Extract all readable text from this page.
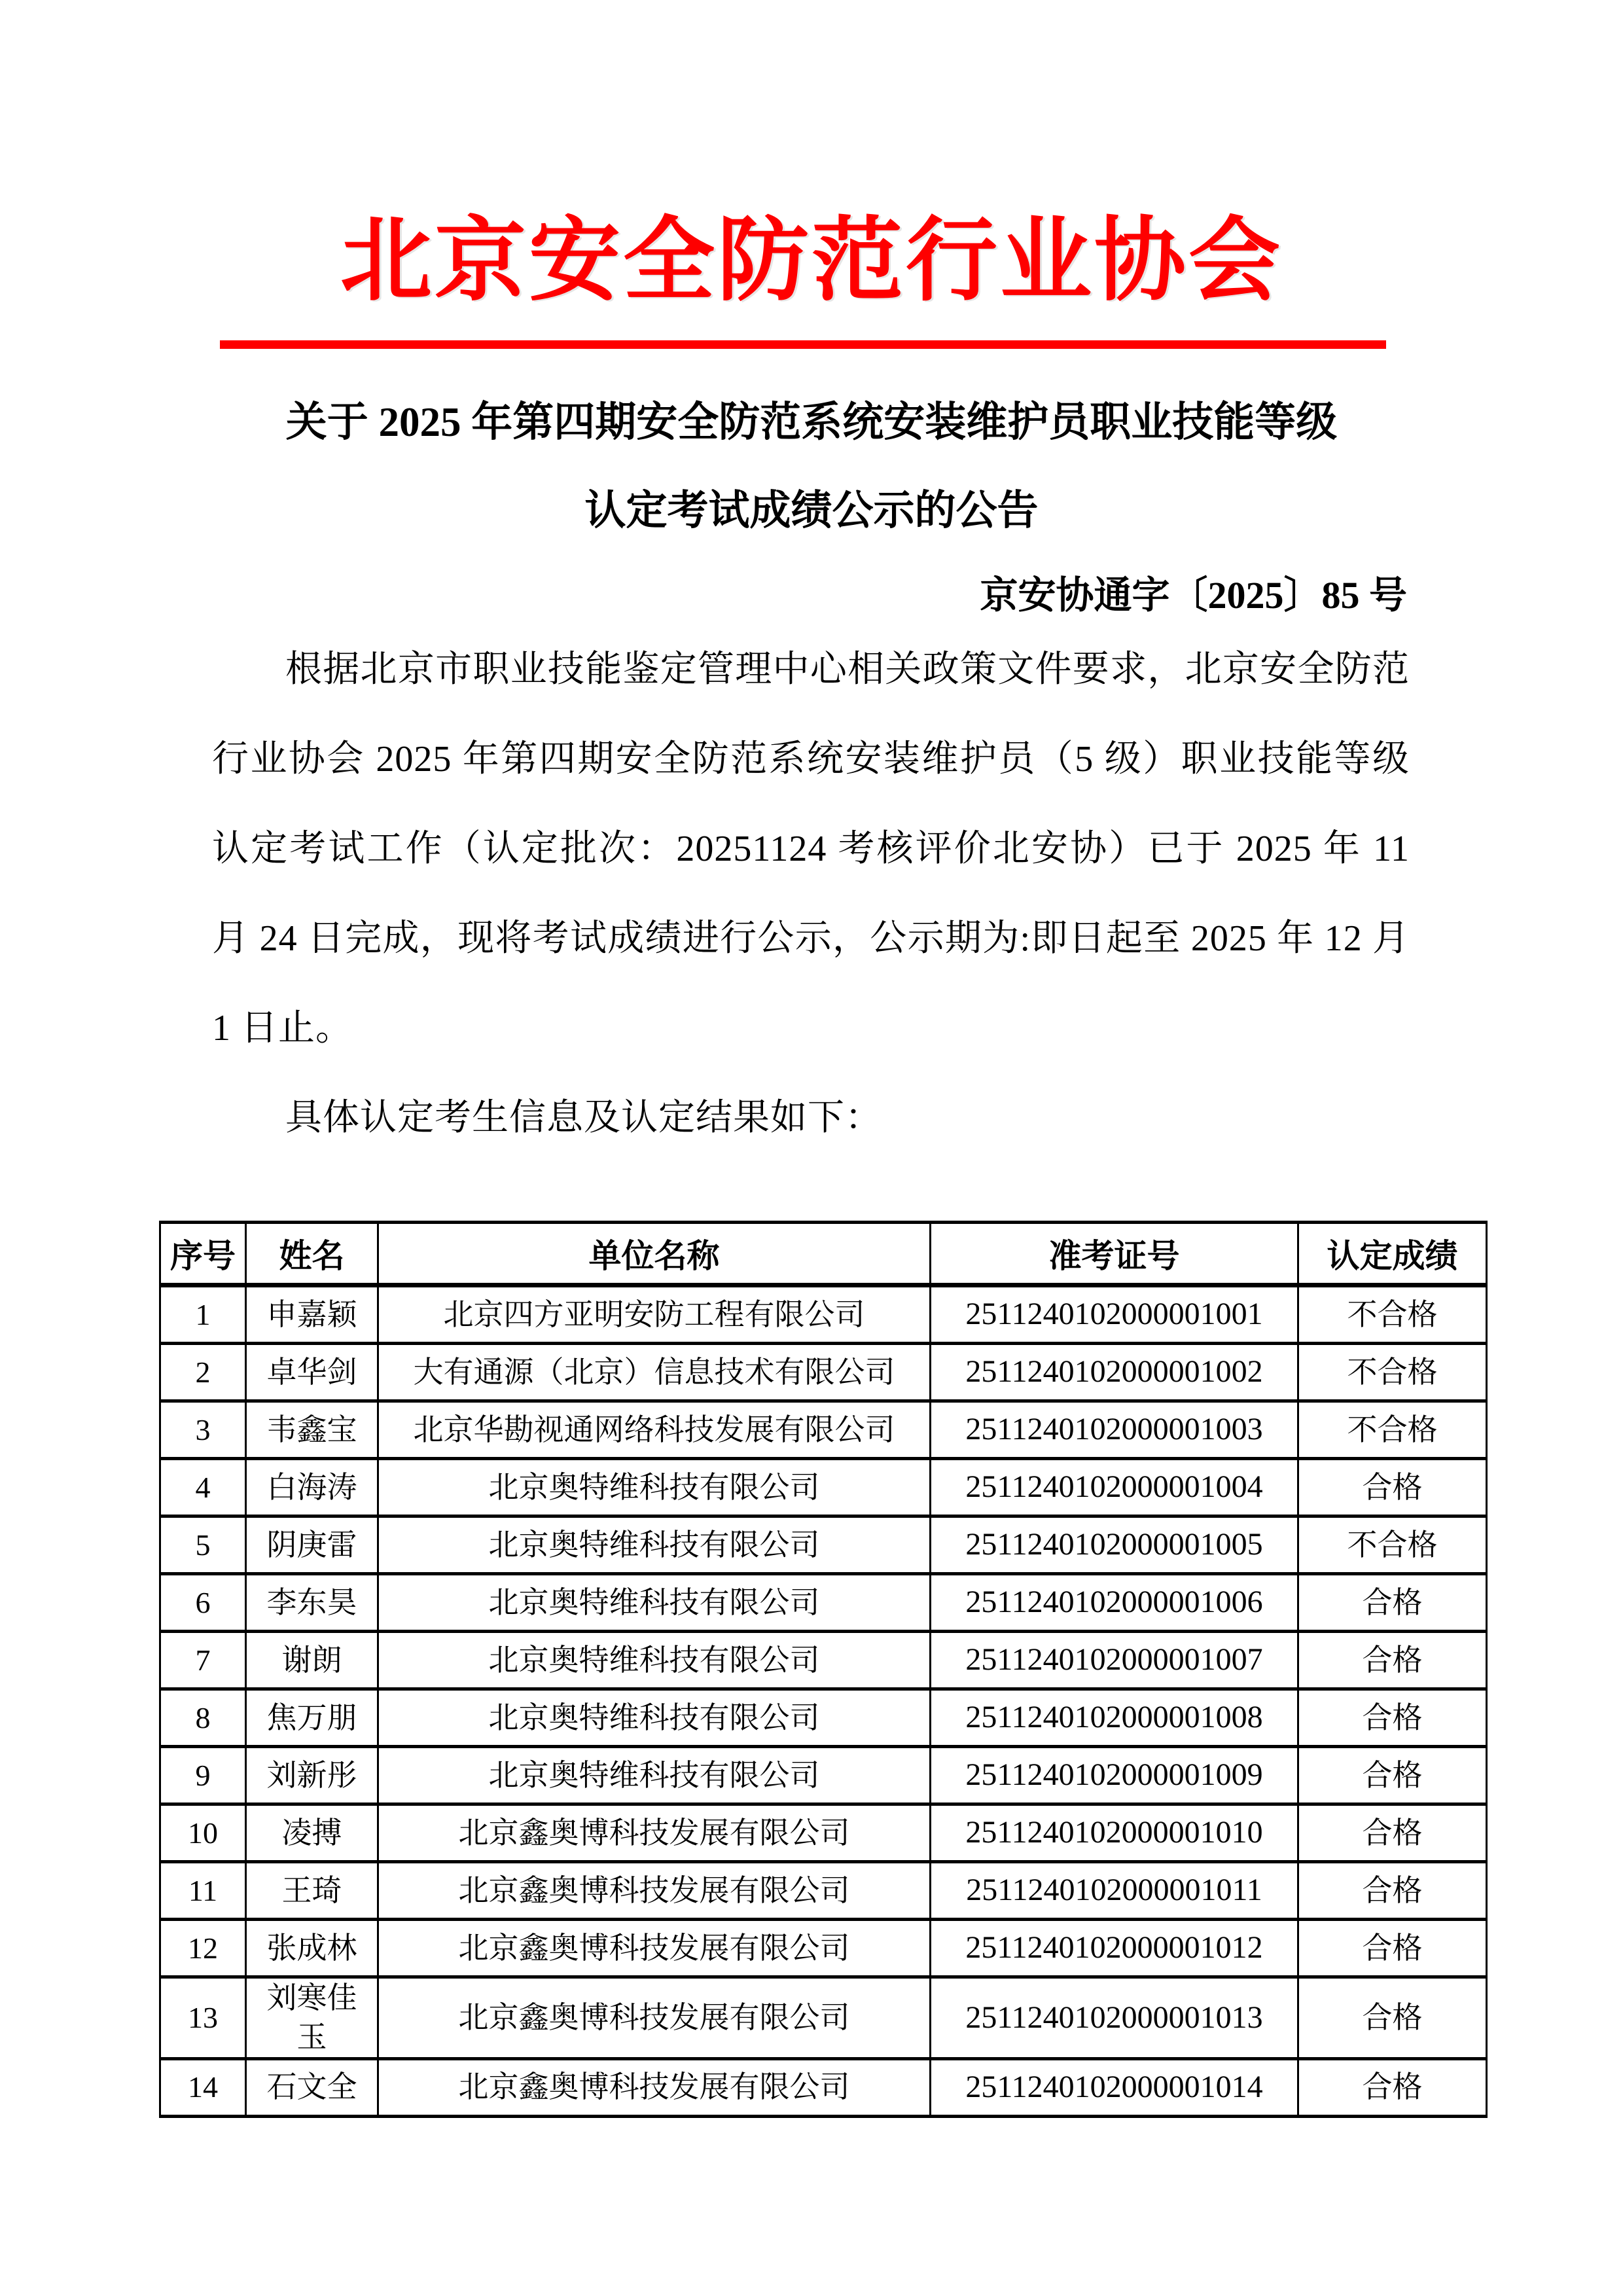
北京安全防范行业协会
关于 2025 年第四期安全防范系统安装维护员职业技能等级
认定考试成绩公示的公告
京安协通字〔2025〕85 号

根据北京市职业技能鉴定管理中心相关政策文件要求，北京安全防范行业协会 2025 年第四期安全防范系统安装维护员（5 级）职业技能等级认定考试工作（认定批次：20251124 考核评价北安协）已于 2025 年 11 月 24 日完成，现将考试成绩进行公示，公示期为:即日起至 2025 年 12 月 1 日止。

具体认定考生信息及认定结果如下：

序号	姓名	单位名称	准考证号	认定成绩
1	申嘉颖	北京四方亚明安防工程有限公司	2511240102000001001	不合格
2	卓华剑	大有通源（北京）信息技术有限公司	2511240102000001002	不合格
3	韦鑫宝	北京华勘视通网络科技发展有限公司	2511240102000001003	不合格
4	白海涛	北京奥特维科技有限公司	2511240102000001004	合格
5	阴庚雷	北京奥特维科技有限公司	2511240102000001005	不合格
6	李东昊	北京奥特维科技有限公司	2511240102000001006	合格
7	谢朗	北京奥特维科技有限公司	2511240102000001007	合格
8	焦万朋	北京奥特维科技有限公司	2511240102000001008	合格
9	刘新彤	北京奥特维科技有限公司	2511240102000001009	合格
10	凌搏	北京鑫奥博科技发展有限公司	2511240102000001010	合格
11	王琦	北京鑫奥博科技发展有限公司	2511240102000001011	合格
12	张成林	北京鑫奥博科技发展有限公司	2511240102000001012	合格
13	刘寒佳玉	北京鑫奥博科技发展有限公司	2511240102000001013	合格
14	石文全	北京鑫奥博科技发展有限公司	2511240102000001014	合格
